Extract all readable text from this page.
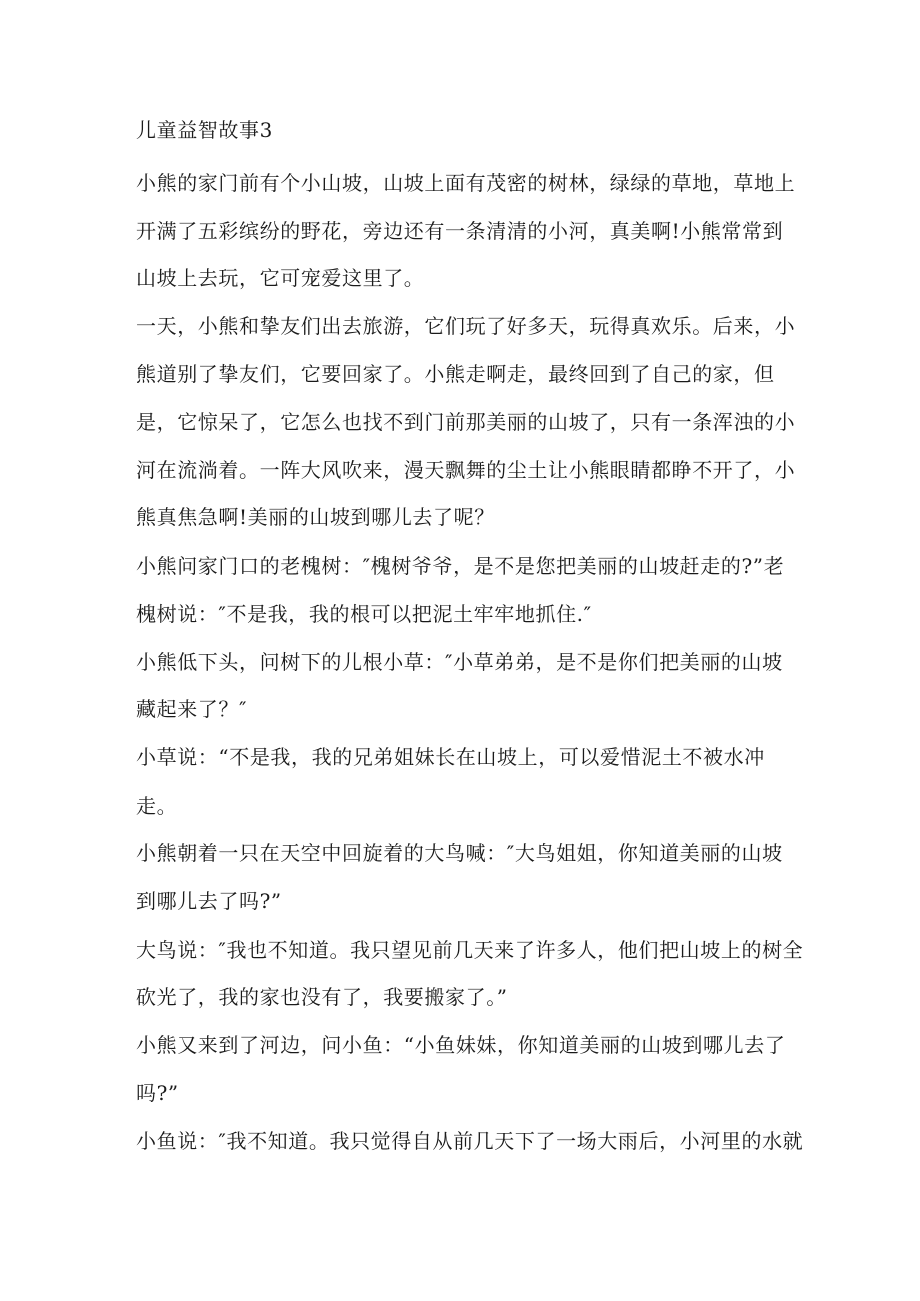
儿童益智故事3
小熊的家门前有个小山坡，山坡上面有茂密的树林，绿绿的草地，草地上
开满了五彩缤纷的野花，旁边还有一条清清的小河，真美啊!小熊常常到
山坡上去玩，它可宠爱这里了。
一天，小熊和挚友们出去旅游，它们玩了好多天，玩得真欢乐。后来，小
熊道别了挚友们，它要回家了。小熊走啊走，最终回到了自己的家，但
是，它惊呆了，它怎么也找不到门前那美丽的山坡了，只有一条浑浊的小
河在流淌着。一阵大风吹来，漫天飘舞的尘土让小熊眼睛都睁不开了，小
熊真焦急啊!美丽的山坡到哪儿去了呢？
小熊问家门口的老槐树：″槐树爷爷，是不是您把美丽的山坡赶走的?”老
槐树说：″不是我，我的根可以把泥土牢牢地抓住.″
小熊低下头，问树下的儿根小草：″小草弟弟，是不是你们把美丽的山坡
藏起来了？″
小草说：“不是我，我的兄弟姐妹长在山坡上，可以爱惜泥土不被水冲
走。
小熊朝着一只在天空中回旋着的大鸟喊：″大鸟姐姐，你知道美丽的山坡
到哪儿去了吗?”
大鸟说：″我也不知道。我只望见前几天来了许多人，他们把山坡上的树全
砍光了，我的家也没有了，我要搬家了。”
小熊又来到了河边，问小鱼：“小鱼妹妹，你知道美丽的山坡到哪儿去了
吗?”
小鱼说：″我不知道。我只觉得自从前几天下了一场大雨后，小河里的水就
